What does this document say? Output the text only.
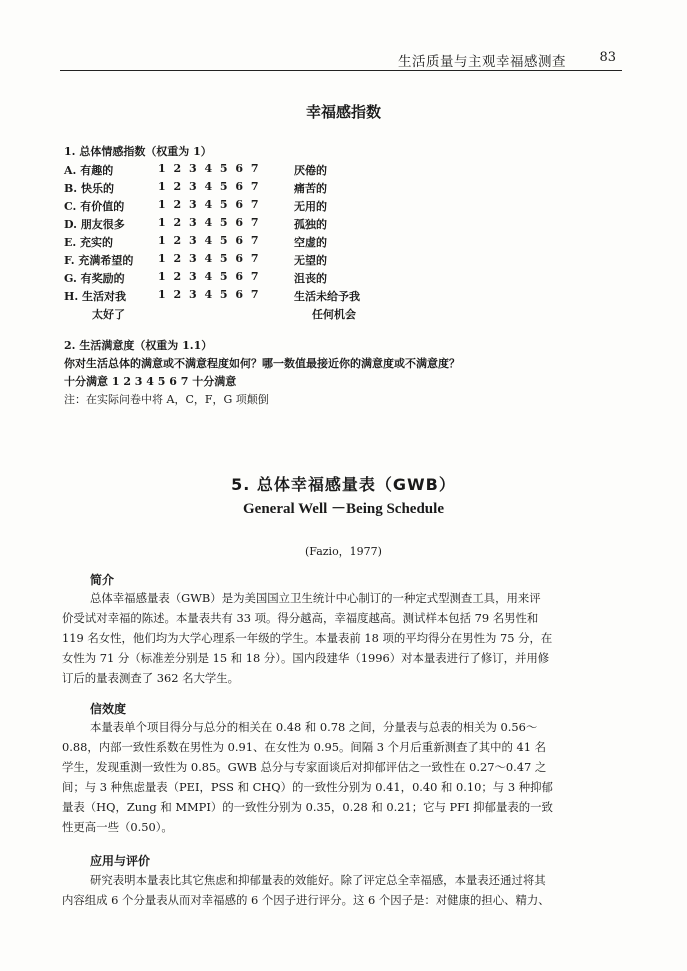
生活质量与主观幸福感测查	83
幸福感指数
1. 总体情感指数（权重为 1）
A. 有趣的	1 2 3 4 5 6 7	厌倦的
B. 快乐的	1 2 3 4 5 6 7	痛苦的
C. 有价值的	1 2 3 4 5 6 7	无用的
D. 朋友很多	1 2 3 4 5 6 7	孤独的
E. 充实的	1 2 3 4 5 6 7	空虚的
F. 充满希望的 1 2 3 4 5 6 7	无望的
G. 有奖励的	1 2 3 4 5 6 7	沮丧的
H. 生活对我	1 2 3 4 5 6 7	生活未给予我
太好了	任何机会
2. 生活满意度（权重为 1.1）
你对生活总体的满意或不满意程度如何？哪一数值最接近你的满意度或不满意度？
十分满意 1 2 3 4 5 6 7 十分满意
注：在实际问卷中将 A，C，F，G 项颠倒
5. 总体幸福感量表（GWB）
General Well －Being Schedule
(Fazio，1977)
简介
总体幸福感量表（GWB）是为美国国立卫生统计中心制订的一种定式型测查工具，用来评
价受试对幸福的陈述。本量表共有 33 项。得分越高，幸福度越高。测试样本包括 79 名男性和
119 名女性，他们均为大学心理系一年级的学生。本量表前 18 项的平均得分在男性为 75 分，在
女性为 71 分（标准差分别是 15 和 18 分）。国内段建华（1996）对本量表进行了修订，并用修
订后的量表测查了 362 名大学生。
信效度
本量表单个项目得分与总分的相关在 0.48 和 0.78 之间，分量表与总表的相关为 0.56～
0.88，内部一致性系数在男性为 0.91、在女性为 0.95。间隔 3 个月后重新测查了其中的 41 名
学生，发现重测一致性为 0.85。GWB 总分与专家面谈后对抑郁评估之一致性在 0.27～0.47 之
间；与 3 种焦虑量表（PEI，PSS 和 CHQ）的一致性分别为 0.41，0.40 和 0.10；与 3 种抑郁
量表（HQ，Zung 和 MMPI）的一致性分别为 0.35，0.28 和 0.21；它与 PFI 抑郁量表的一致
性更高一些（0.50）。
应用与评价
研究表明本量表比其它焦虑和抑郁量表的效能好。除了评定总全幸福感，本量表还通过将其
内容组成 6 个分量表从而对幸福感的 6 个因子进行评分。这 6 个因子是：对健康的担心、精力、
